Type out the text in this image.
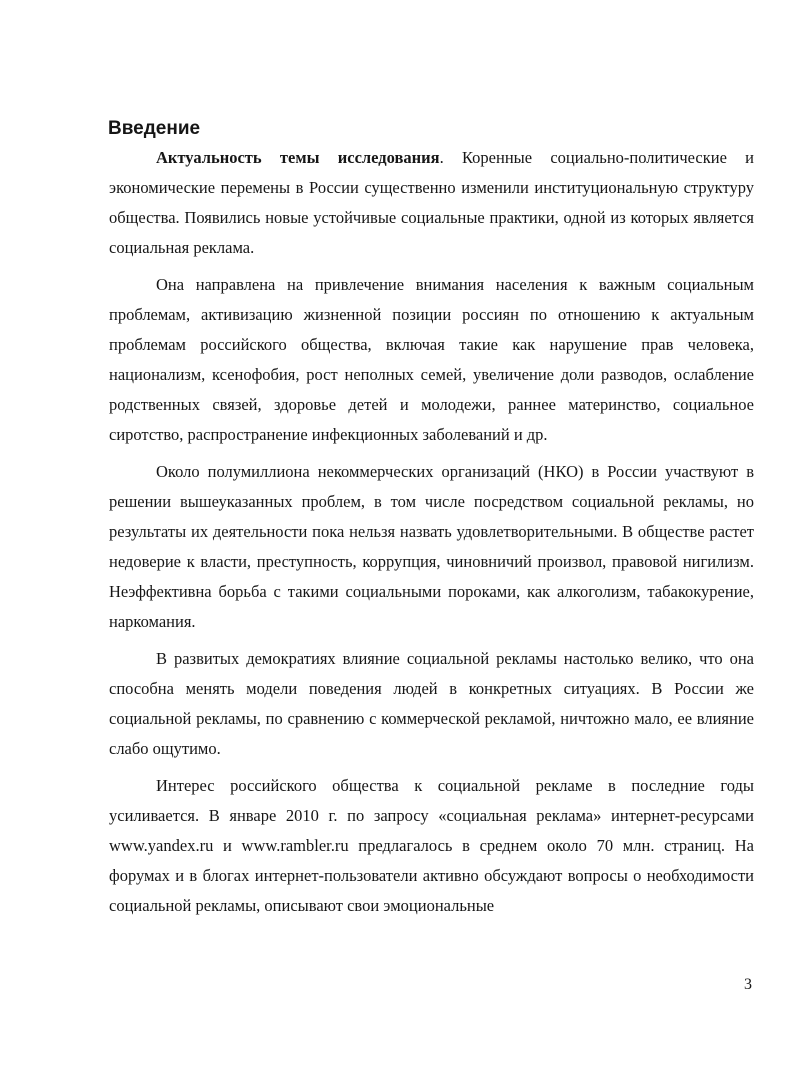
Введение

Актуальность темы исследования. Коренные социально-политические и экономические перемены в России существенно изменили институциональную структуру общества. Появились новые устойчивые социальные практики, одной из которых является социальная реклама.

Она направлена на привлечение внимания населения к важным социальным проблемам, активизацию жизненной позиции россиян по отношению к актуальным проблемам российского общества, включая такие как нарушение прав человека, национализм, ксенофобия, рост неполных семей, увеличение доли разводов, ослабление родственных связей, здоровье детей и молодежи, раннее материнство, социальное сиротство, распространение инфекционных заболеваний и др.

Около полумиллиона некоммерческих организаций (НКО) в России участвуют в решении вышеуказанных проблем, в том числе посредством социальной рекламы, но результаты их деятельности пока нельзя назвать удовлетворительными. В обществе растет недоверие к власти, преступность, коррупция, чиновничий произвол, правовой нигилизм. Неэффективна борьба с такими социальными пороками, как алкоголизм, табакокурение, наркомания.

В развитых демократиях влияние социальной рекламы настолько велико, что она способна менять модели поведения людей в конкретных ситуациях. В России же социальной рекламы, по сравнению с коммерческой рекламой, ничтожно мало, ее влияние слабо ощутимо.

Интерес российского общества к социальной рекламе в последние годы усиливается. В январе 2010 г. по запросу «социальная реклама» интернет-ресурсами www.yandex.ru и www.rambler.ru предлагалось в среднем около 70 млн. страниц. На форумах и в блогах интернет-пользователи активно обсуждают вопросы о необходимости социальной рекламы, описывают свои эмоциональные

3
